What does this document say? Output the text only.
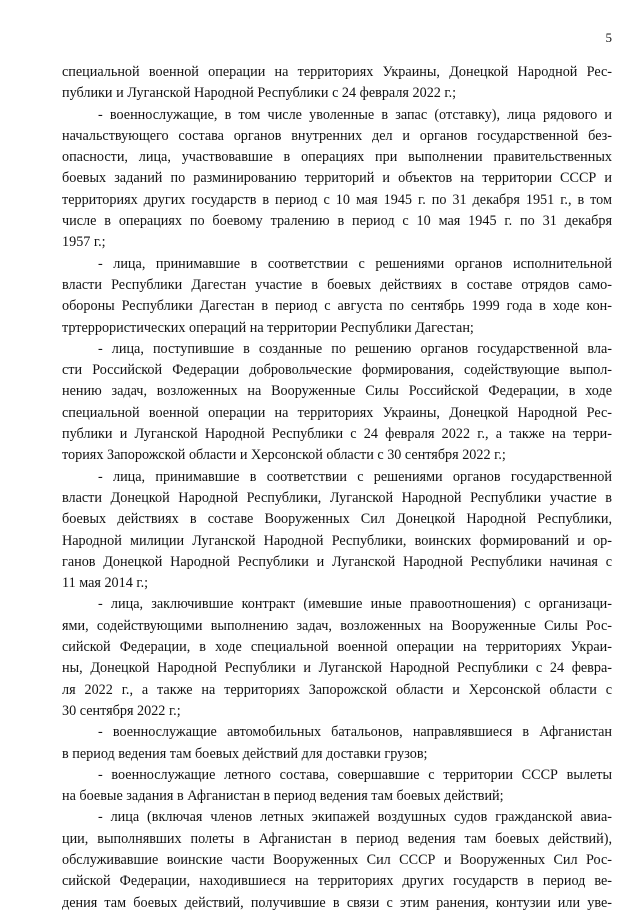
5

специальной военной операции на территориях Украины, Донецкой Народной Рес-
публики и Луганской Народной Республики с 24 февраля 2022 г.;

- военнослужащие, в том числе уволенные в запас (отставку), лица рядового и
начальствующего состава органов внутренних дел и органов государственной без-
опасности, лица, участвовавшие в операциях при выполнении правительственных
боевых заданий по разминированию территорий и объектов на территории СССР и
территориях других государств в период с 10 мая 1945 г. по 31 декабря 1951 г., в том
числе в операциях по боевому тралению в период с 10 мая 1945 г. по 31 декабря
1957 г.;

- лица, принимавшие в соответствии с решениями органов исполнительной
власти Республики Дагестан участие в боевых действиях в составе отрядов само-
обороны Республики Дагестан в период с августа по сентябрь 1999 года в ходе кон-
тртеррористических операций на территории Республики Дагестан;

- лица, поступившие в созданные по решению органов государственной вла-
сти Российской Федерации добровольческие формирования, содействующие выпол-
нению задач, возложенных на Вооруженные Силы Российской Федерации, в ходе
специальной военной операции на территориях Украины, Донецкой Народной Рес-
публики и Луганской Народной Республики с 24 февраля 2022 г., а также на терри-
ториях Запорожской области и Херсонской области с 30 сентября 2022 г.;

- лица, принимавшие в соответствии с решениями органов государственной
власти Донецкой Народной Республики, Луганской Народной Республики участие в
боевых действиях в составе Вооруженных Сил Донецкой Народной Республики,
Народной милиции Луганской Народной Республики, воинских формирований и ор-
ганов Донецкой Народной Республики и Луганской Народной Республики начиная с
11 мая 2014 г.;

- лица, заключившие контракт (имевшие иные правоотношения) с организаци-
ями, содействующими выполнению задач, возложенных на Вооруженные Силы Рос-
сийской Федерации, в ходе специальной военной операции на территориях Украи-
ны, Донецкой Народной Республики и Луганской Народной Республики с 24 февра-
ля 2022 г., а также на территориях Запорожской области и Херсонской области с
30 сентября 2022 г.;

- военнослужащие автомобильных батальонов, направлявшиеся в Афганистан
в период ведения там боевых действий для доставки грузов;

- военнослужащие летного состава, совершавшие с территории СССР вылеты
на боевые задания в Афганистан в период ведения там боевых действий;

- лица (включая членов летных экипажей воздушных судов гражданской авиа-
ции, выполнявших полеты в Афганистан в период ведения там боевых действий),
обслуживавшие воинские части Вооруженных Сил СССР и Вооруженных Сил Рос-
сийской Федерации, находившиеся на территориях других государств в период ве-
дения там боевых действий, получившие в связи с этим ранения, контузии или уве-
